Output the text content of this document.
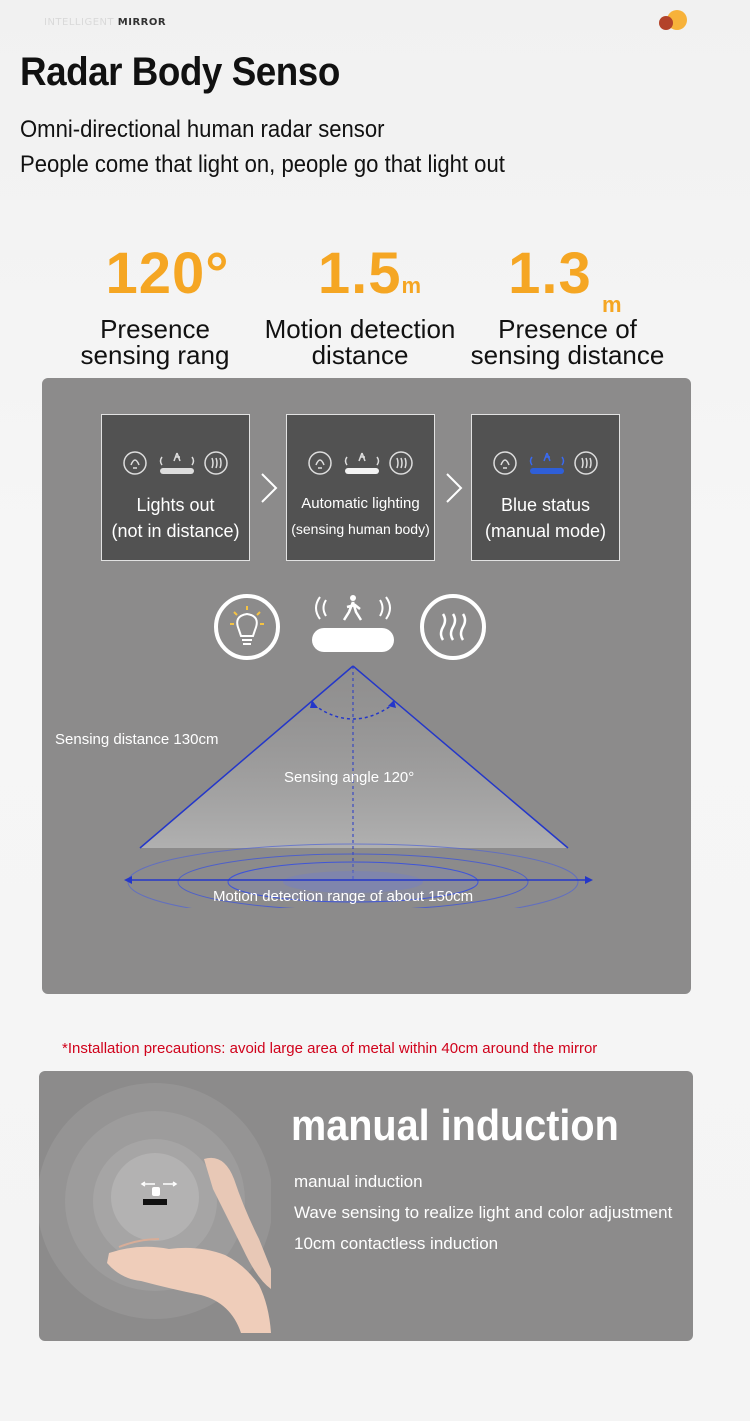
INTELLIGENT MIRROR
Radar Body Senso
Omni-directional human radar sensor
People come that light on, people go that light out
120°
Presence
sensing rang
1.5m
Motion detection
distance
1.3 m
Presence of
sensing distance
Lights out
(not in distance)
Automatic lighting
(sensing human body)
Blue status
(manual mode)
Sensing distance 130cm
Sensing angle 120°
Motion detection range of about 150cm
*Installation precautions: avoid large area of metal within 40cm around the mirror
manual induction
manual induction
Wave sensing to realize light and color adjustment
10cm contactless induction
